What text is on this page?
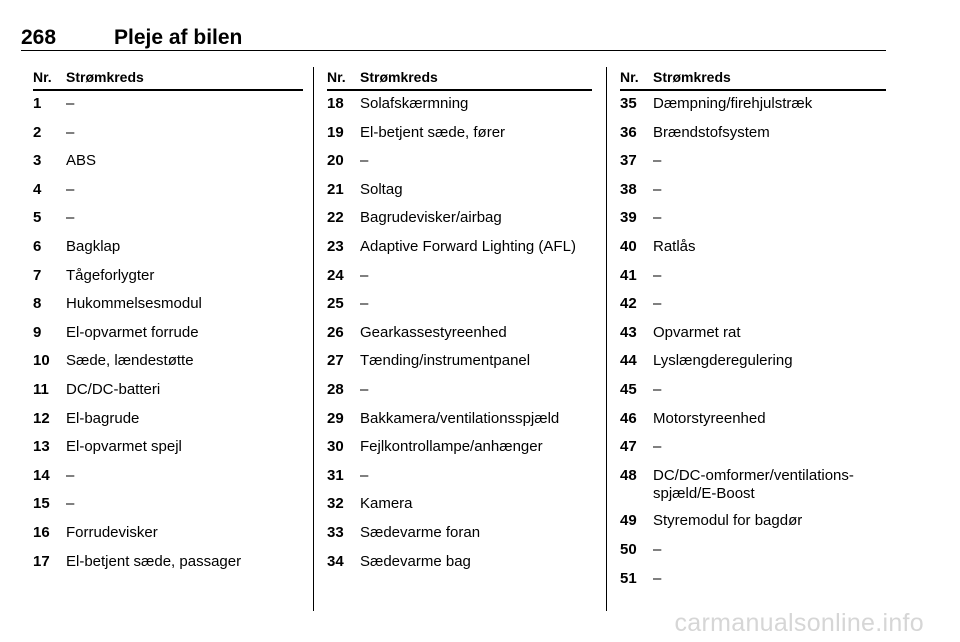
268	Pleje af bilen
Nr. Strømkreds
1 –
2 –
3 ABS
4 –
5 –
6 Bagklap
7 Tågeforlygter
8 Hukommelsesmodul
9 El-opvarmet forrude
10 Sæde, lændestøtte
11 DC/DC-batteri
12 El-bagrude
13 El-opvarmet spejl
14 –
15 –
16 Forrudevisker
17 El-betjent sæde, passager
Nr. Strømkreds
18 Solafskærmning
19 El-betjent sæde, fører
20 –
21 Soltag
22 Bagrudevisker/airbag
23 Adaptive Forward Lighting (AFL)
24 –
25 –
26 Gearkassestyreenhed
27 Tænding/instrumentpanel
28 –
29 Bakkamera/ventilationsspjæld
30 Fejlkontrollampe/anhænger
31 –
32 Kamera
33 Sædevarme foran
34 Sædevarme bag
Nr. Strømkreds
35 Dæmpning/firehjulstræk
36 Brændstofsystem
37 –
38 –
39 –
40 Ratlås
41 –
42 –
43 Opvarmet rat
44 Lyslængderegulering
45 –
46 Motorstyreenhed
47 –
48 DC/DC-omformer/ventilations-
spjæld/E-Boost
49 Styremodul for bagdør
50 –
51 –
carmanualsonline.info
